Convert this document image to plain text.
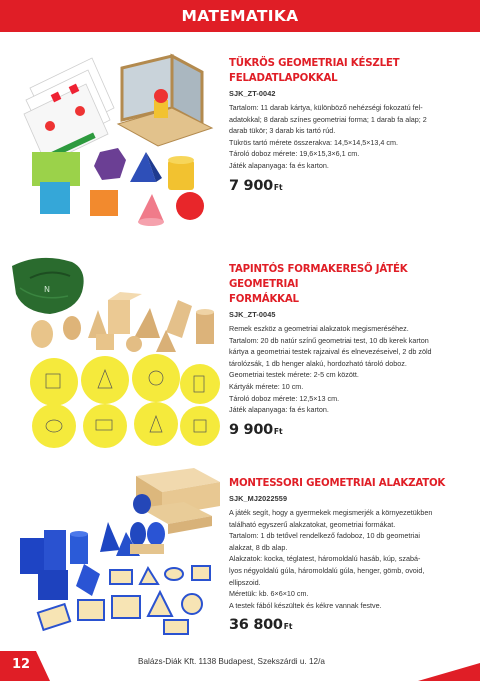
MATEMATIKA
TÜKRÖS GEOMETRIAI KÉSZLET
FELADATLAPOKKAL
SJK_ZT-0042
Tartalom: 11 darab kártya, különböző nehézségi fokozatú fel-
adatokkal; 8 darab színes geometriai forma; 1 darab fa alap; 2
darab tükör; 3 darab kis tartó rúd.
Tükrös tartó mérete összerakva: 14,5×14,5×13,4 cm.
Tároló doboz mérete: 19,6×15,3×6,1 cm.
Játék alapanyaga: fa és karton.
7 900Ft
N
TAPINTÓS FORMAKERESŐ JÁTÉK GEOMETRIAI
FORMÁKKAL
SJK_ZT-0045
Remek eszköz a geometriai alakzatok megismeréséhez.
Tartalom: 20 db natúr színű geometriai test, 10 db kerek karton
kártya a geometriai testek rajzaival és elnevezéseivel, 2 db zöld
tárolózsák, 1 db henger alakú, hordozható tároló doboz.
Geometriai testek mérete: 2-5 cm között.
Kártyák mérete: 10 cm.
Tároló doboz mérete: 12,5×13 cm.
Játék alapanyaga: fa és karton.
9 900Ft
MONTESSORI GEOMETRIAI ALAKZATOK
SJK_MJ2022559
A játék segít, hogy a gyermekek megismerjék a környezetükben
található egyszerű alakzatokat, geometriai formákat.
Tartalom: 1 db tetővel rendelkező fadoboz, 10 db geometriai
alakzat, 8 db alap.
Alakzatok: kocka, téglatest, háromoldalú hasáb, kúp, szabá-
lyos négyoldalú gúla, háromoldalú gúla, henger, gömb, ovoid,
ellipszoid.
Méretük: kb. 6×6×10 cm.
A testek fából készültek és kékre vannak festve.
36 800Ft
12	Balázs-Diák Kft. 1138 Budapest, Szekszárdi u. 12/a
